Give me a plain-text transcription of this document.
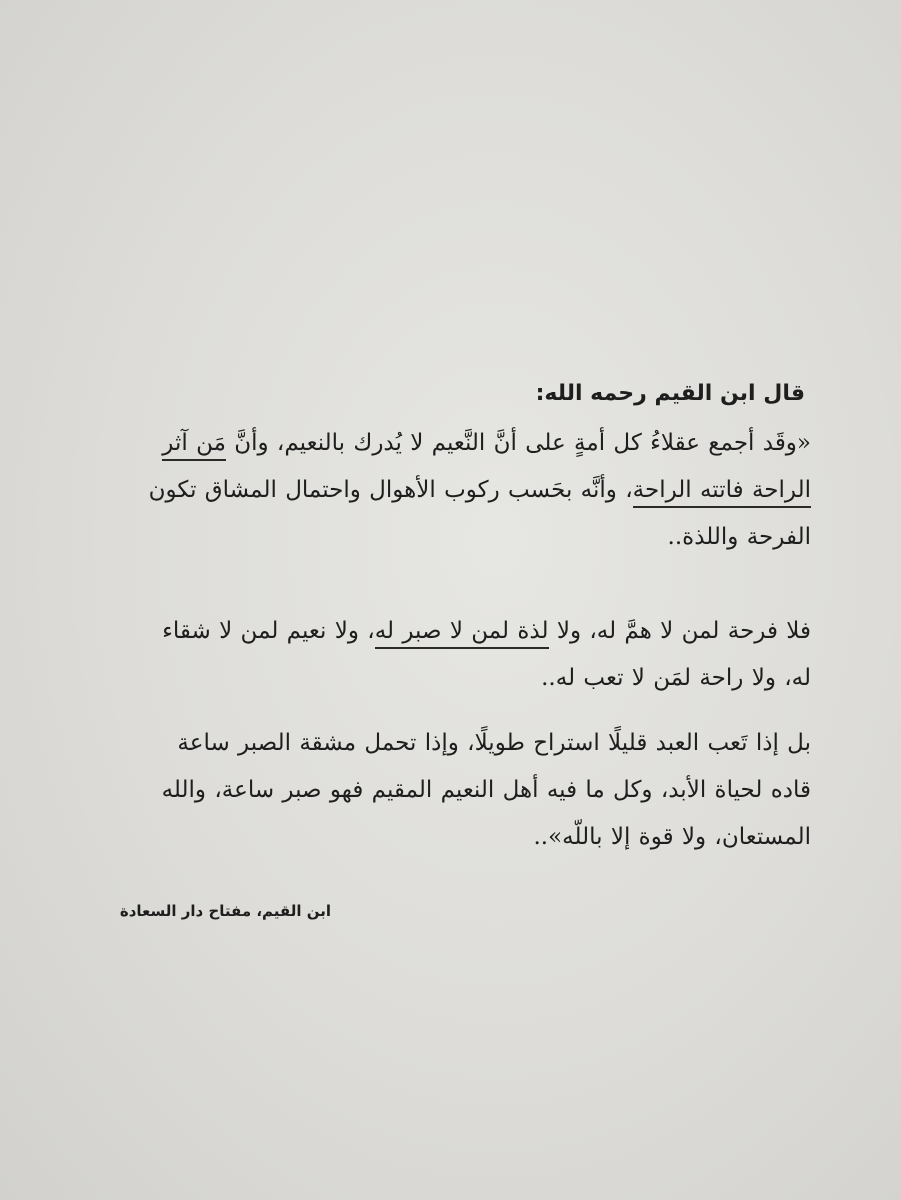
قال ابن القيم رحمه الله:

«وقَد أجمع عقلاءُ كل أمةٍ على أنَّ النَّعيم لا يُدرك بالنعيم، وأنَّ مَن آثر
الراحة فاتته الراحة، وأنَّه بحَسب ركوب الأهوال واحتمال المشاق تكون
الفرحة واللذة..

فلا فرحة لمن لا همَّ له، ولا لذة لمن لا صبر له، ولا نعيم لمن لا شقاء
له، ولا راحة لمَن لا تعب له..

بل إذا تَعب العبد قليلًا استراح طويلًا، وإذا تحمل مشقة الصبر ساعة
قاده لحياة الأبد، وكل ما فيه أهل النعيم المقيم فهو صبر ساعة، والله
المستعان، ولا قوة إلا باللّه»..

ابن القيم، مفتاح دار السعادة
